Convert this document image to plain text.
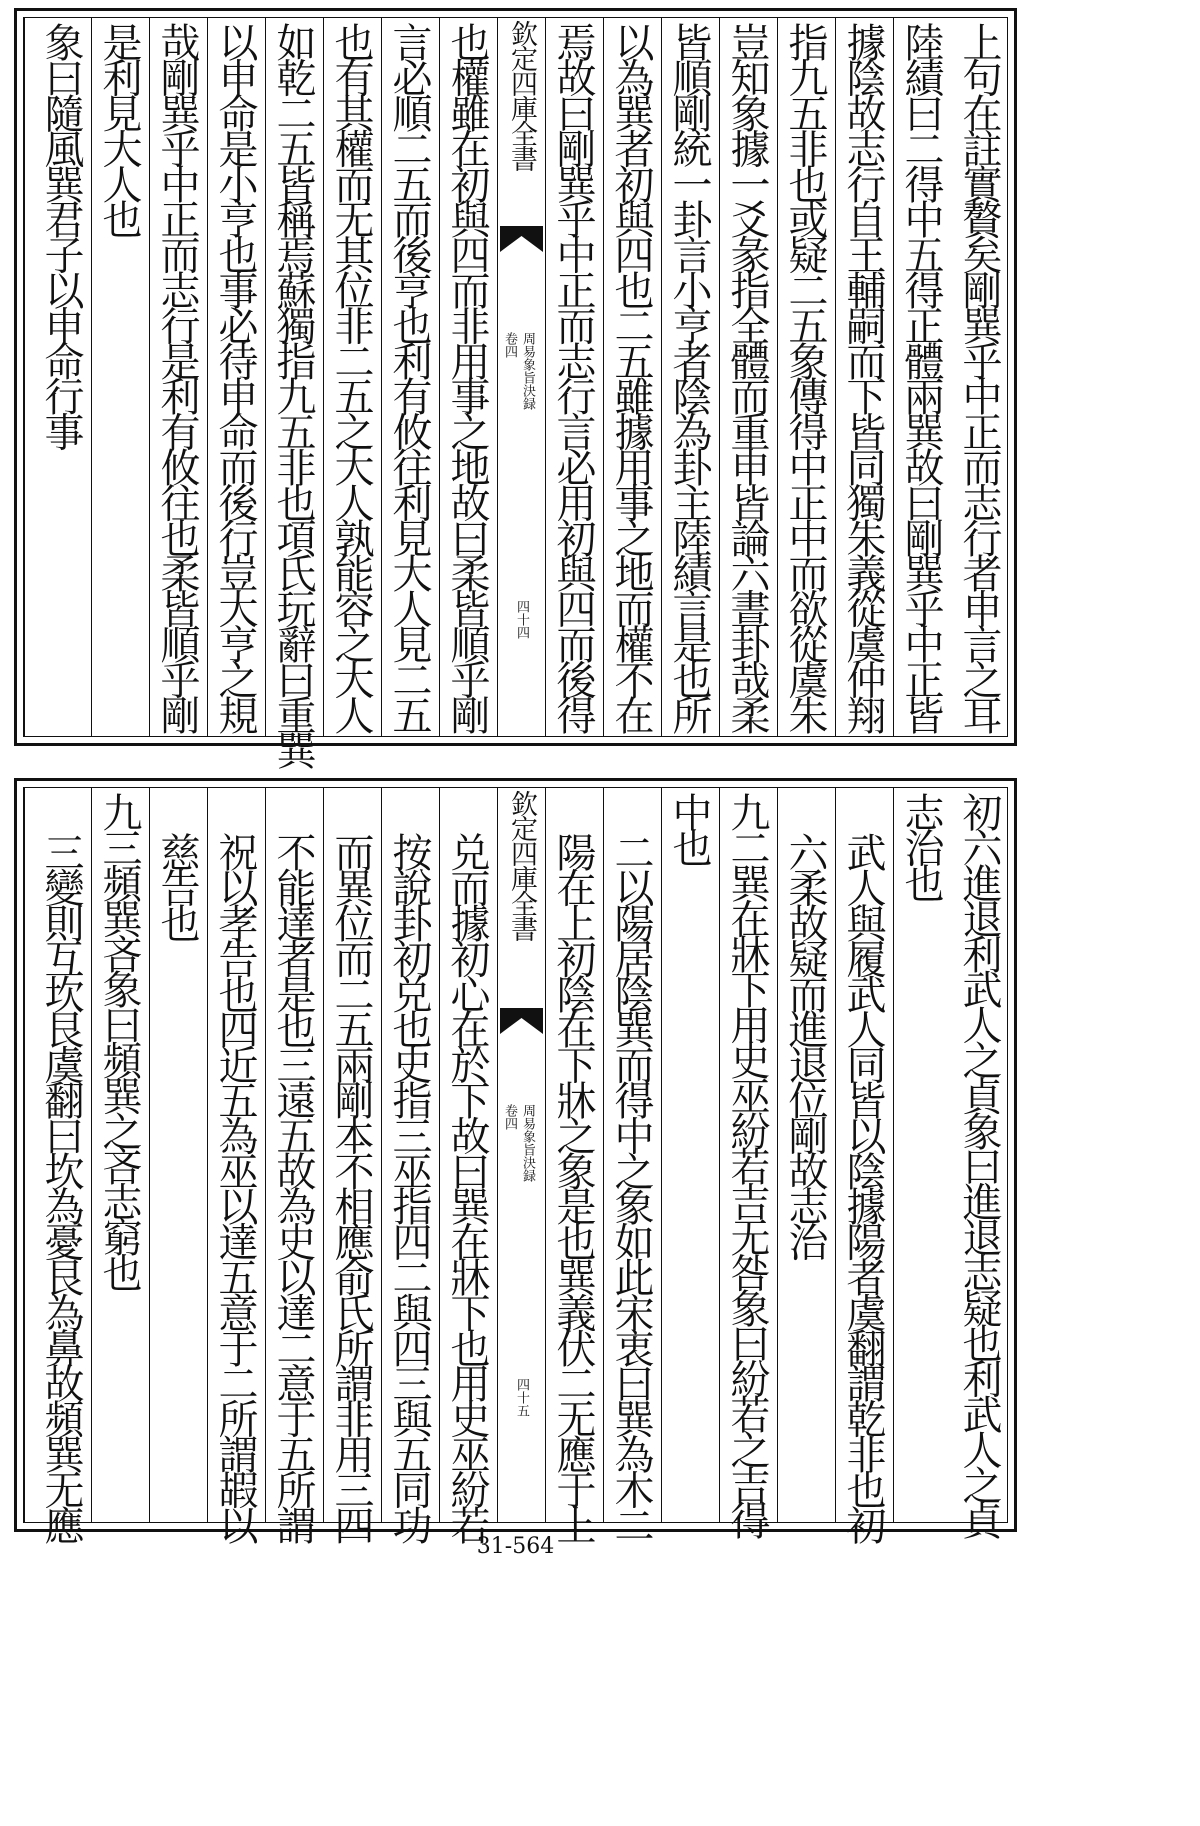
上句在註實贅矣剛巽乎中正而志行者申言之耳
陸績曰二得中五得正體兩巽故曰剛巽乎中正皆
據陰故志行自王輔嗣而下皆同獨朱義從虞仲翔
指九五非也或疑二五象傳得中正中而欲從虞朱
豈知象據一爻彖指全體而重申皆論六晝卦哉柔
皆順剛統一卦言小亨者陰為卦主陸績言是也所
以為巽者初與四也二五雖據用事之地而權不在
焉故曰剛巽乎中正而志行言必用初與四而後得
欽定四庫全書
周易象旨決録
卷四
四十四
也權雖在初與四而非用事之地故曰柔皆順乎剛
言必順二五而後亨也利有攸往利見大人見二五
也有其權而无其位非二五之大人孰能容之大人
如乾二五皆稱焉蘇獨指九五非也項氏玩辭曰重巽
以申命是小亨也事必待申命而後行豈大亨之規
哉剛巽乎中正而志行是利有攸往也柔皆順乎剛
是利見大人也
象曰隨風巽君子以申命行事
初六進退利武人之貞象曰進退志疑也利武人之貞
志治也
武人與履武人同皆以陰據陽者虞翻謂乾非也初
六柔故疑而進退位剛故志治
九二巽在牀下用史巫紛若吉无咎象曰紛若之吉得
中也
二以陽居陰巽而得中之象如此宋衷曰巽為木二
陽在上初陰在下牀之象是也巽義伏二无應于上
欽定四庫全書
周易象旨決録
卷四
四十五
兑而據初心在於下故曰巽在牀下也用史巫紛若
按說卦初兑也史指三巫指四二與四三與五同功
而異位而二五兩剛本不相應俞氏所謂非用三四
不能達者是也三遠五故為史以達二意于五所謂
祝以孝告也四近五為巫以達五意于二所謂嘏以
慈告也
九三頻巽吝象曰頻巽之吝志窮也
三變則互坎艮虞翻曰坎為憂艮為鼻故頻巽无應
31-564
